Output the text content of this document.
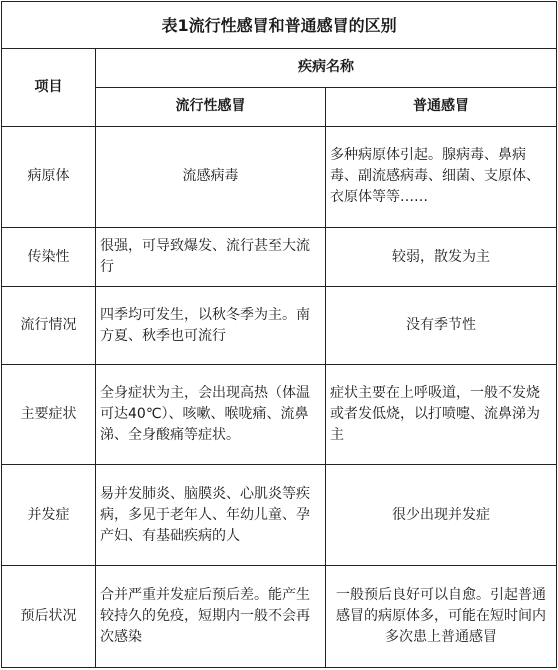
表1流行性感冒和普通感冒的区别		
项目	疾病名称	
	流行性感冒	普通感冒
病原体	流感病毒	多种病原体引起。腺病毒、鼻病毒、副流感病毒、细菌、支原体、衣原体等等……
传染性	很强，可导致爆发、流行甚至大流行	较弱，散发为主
流行情况	四季均可发生，以秋冬季为主。南方夏、秋季也可流行	没有季节性
主要症状	全身症状为主，会出现高热（体温可达40℃）、咳嗽、喉咙痛、流鼻涕、全身酸痛等症状。	症状主要在上呼吸道，一般不发烧或者发低烧，以打喷嚏、流鼻涕为主
并发症	易并发肺炎、脑膜炎、心肌炎等疾病，多见于老年人、年幼儿童、孕产妇、有基础疾病的人	很少出现并发症
预后状况	合并严重并发症后预后差。能产生较持久的免疫，短期内一般不会再次感染	一般预后良好可以自愈。引起普通感冒的病原体多，可能在短时间内多次患上普通感冒
